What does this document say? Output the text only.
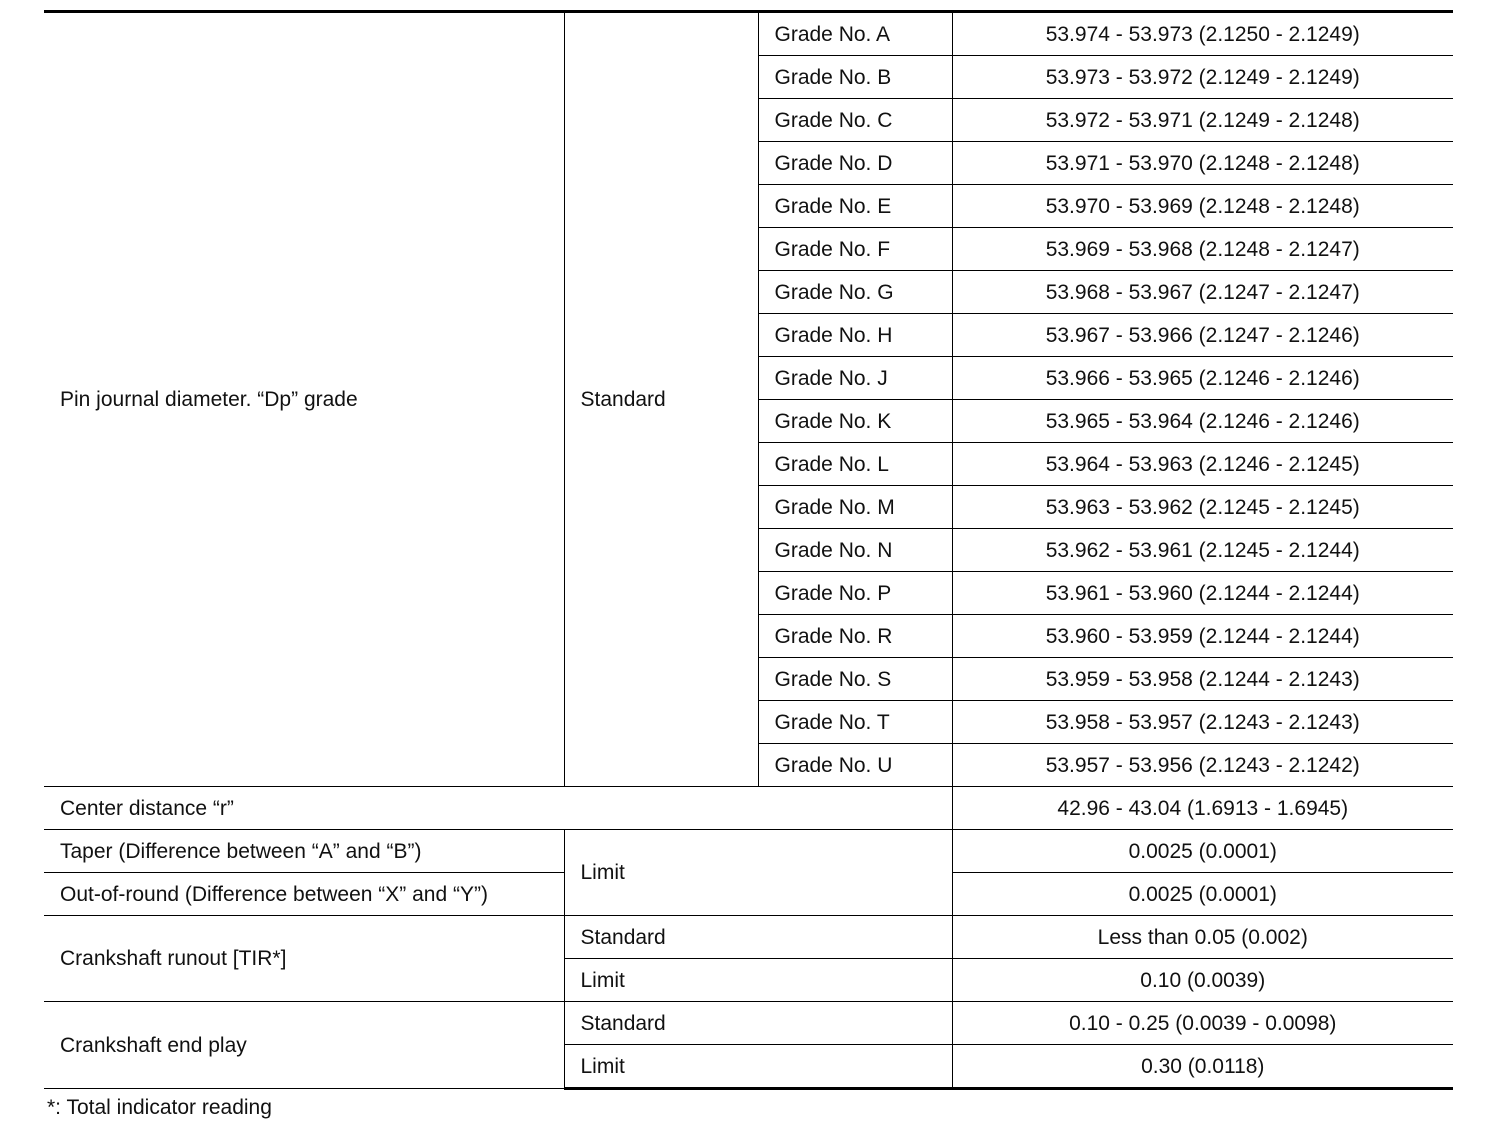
Pin journal diameter. “Dp” grade	Standard	Grade No. A	53.974 - 53.973 (2.1250 - 2.1249)
		Grade No. B	53.973 - 53.972 (2.1249 - 2.1249)
		Grade No. C	53.972 - 53.971 (2.1249 - 2.1248)
		Grade No. D	53.971 - 53.970 (2.1248 - 2.1248)
		Grade No. E	53.970 - 53.969 (2.1248 - 2.1248)
		Grade No. F	53.969 - 53.968 (2.1248 - 2.1247)
		Grade No. G	53.968 - 53.967 (2.1247 - 2.1247)
		Grade No. H	53.967 - 53.966 (2.1247 - 2.1246)
		Grade No. J	53.966 - 53.965 (2.1246 - 2.1246)
		Grade No. K	53.965 - 53.964 (2.1246 - 2.1246)
		Grade No. L	53.964 - 53.963 (2.1246 - 2.1245)
		Grade No. M	53.963 - 53.962 (2.1245 - 2.1245)
		Grade No. N	53.962 - 53.961 (2.1245 - 2.1244)
		Grade No. P	53.961 - 53.960 (2.1244 - 2.1244)
		Grade No. R	53.960 - 53.959 (2.1244 - 2.1244)
		Grade No. S	53.959 - 53.958 (2.1244 - 2.1243)
		Grade No. T	53.958 - 53.957 (2.1243 - 2.1243)
		Grade No. U	53.957 - 53.956 (2.1243 - 2.1242)
Center distance “r”			42.96 - 43.04 (1.6913 - 1.6945)
Taper (Difference between “A” and “B”)	Limit		0.0025 (0.0001)
Out-of-round (Difference between “X” and “Y”)			0.0025 (0.0001)
Crankshaft runout [TIR*]	Standard		Less than 0.05 (0.002)
	Limit		0.10 (0.0039)
Crankshaft end play	Standard		0.10 - 0.25 (0.0039 - 0.0098)
	Limit		0.30 (0.0118)
*: Total indicator reading
